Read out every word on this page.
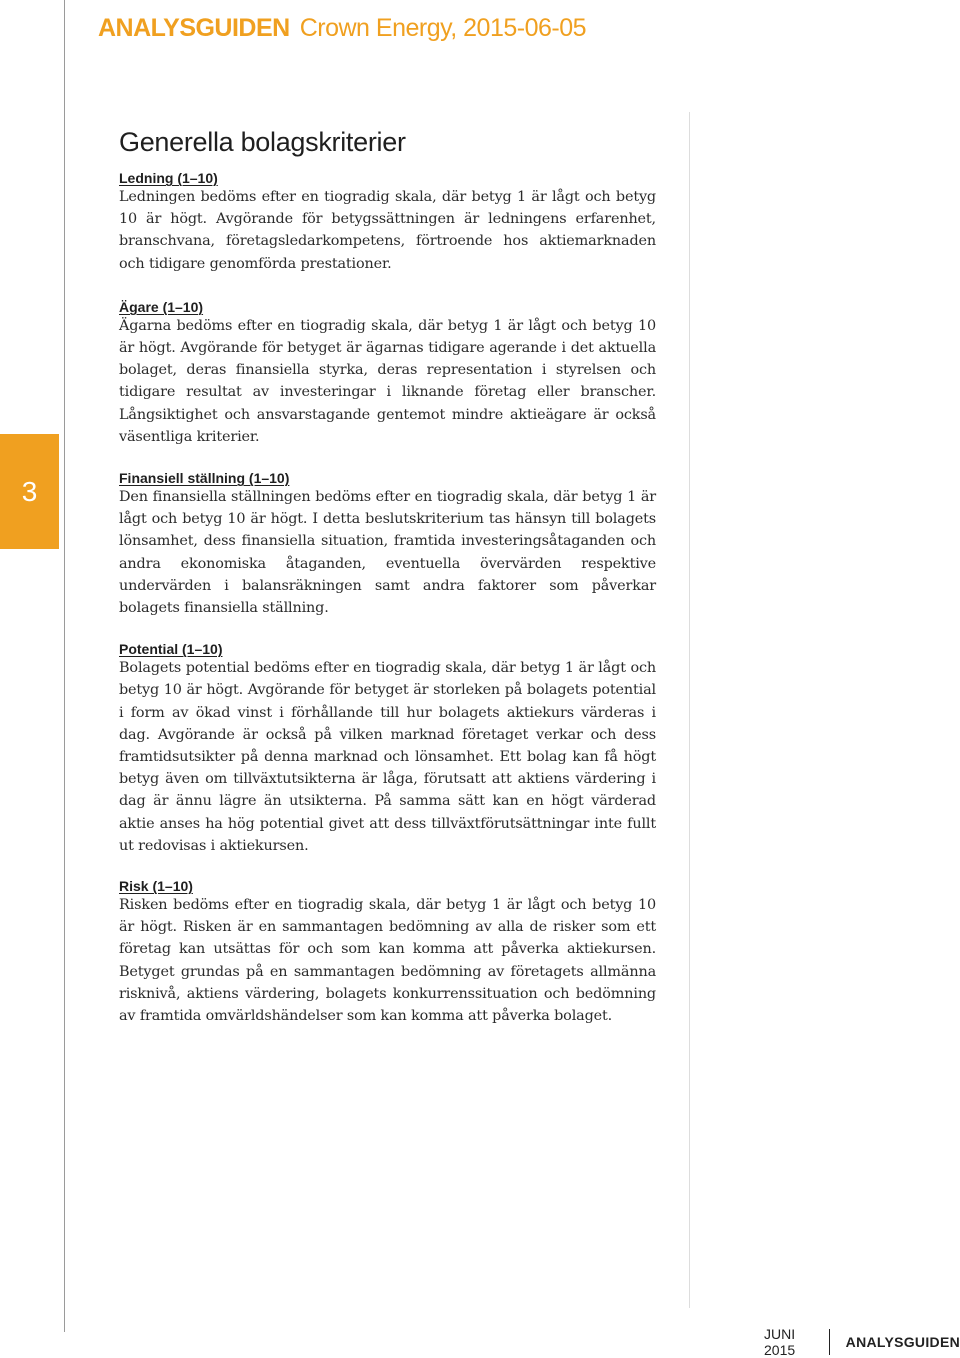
ANALYSGUIDEN Crown Energy, 2015-06-05
3
Generella bolagskriterier

Ledning (1–10)

Ledningen bedöms efter en tiogradig skala, där betyg 1 är lågt och betyg 10 är högt. Avgörande för betygssättningen är ledningens erfarenhet, branschvana, företagsledarkompetens, förtroende hos aktiemarknaden och tidigare genomförda prestationer.

Ägare (1–10)

Ägarna bedöms efter en tiogradig skala, där betyg 1 är lågt och betyg 10 är högt. Avgörande för betyget är ägarnas tidigare agerande i det aktuella bolaget, deras finansiella styrka, deras representation i styrelsen och tidigare resultat av investeringar i liknande företag eller branscher. Långsiktighet och ansvarstagande gentemot mindre aktieägare är också väsentliga kriterier.

Finansiell ställning (1–10)

Den finansiella ställningen bedöms efter en tiogradig skala, där betyg 1 är lågt och betyg 10 är högt. I detta beslutskriterium tas hänsyn till bolagets lönsamhet, dess finansiella situation, framtida investeringsåtaganden och andra ekonomiska åtaganden, eventuella övervärden respektive undervärden i balansräkningen samt andra faktorer som påverkar bolagets finansiella ställning.

Potential (1–10)

Bolagets potential bedöms efter en tiogradig skala, där betyg 1 är lågt och betyg 10 är högt. Avgörande för betyget är storleken på bolagets potential i form av ökad vinst i förhållande till hur bolagets aktiekurs värderas i dag. Avgörande är också på vilken marknad företaget verkar och dess framtidsutsikter på denna marknad och lönsamhet. Ett bolag kan få högt betyg även om tillväxtutsikterna är låga, förutsatt att aktiens värdering i dag är ännu lägre än utsikterna. På samma sätt kan en högt värderad aktie anses ha hög potential givet att dess tillväxtförutsättningar inte fullt ut redovisas i aktiekursen.

Risk (1–10)

Risken bedöms efter en tiogradig skala, där betyg 1 är lågt och betyg 10 är högt. Risken är en sammantagen bedömning av alla de risker som ett företag kan utsättas för och som kan komma att påverka aktiekursen. Betyget grundas på en sammantagen bedömning av företagets allmänna risknivå, aktiens värdering, bolagets konkurrenssituation och bedömning av framtida omvärldshändelser som kan komma att påverka bolaget.

JUNI 2015	ANALYSGUIDEN
